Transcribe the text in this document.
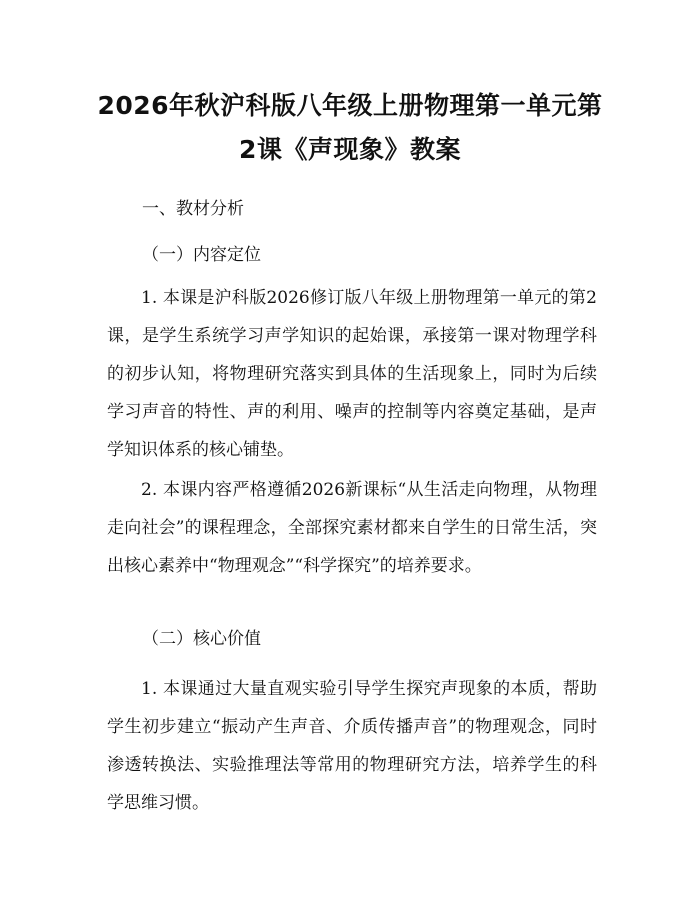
2026年秋沪科版八年级上册物理第一单元第
2课《声现象》教案
一、教材分析
（一）内容定位

1. 本课是沪科版2026修订版八年级上册物理第一单元的第2课，是学生系统学习声学知识的起始课，承接第一课对物理学科的初步认知，将物理研究落实到具体的生活现象上，同时为后续学习声音的特性、声的利用、噪声的控制等内容奠定基础，是声学知识体系的核心铺垫。

2. 本课内容严格遵循2026新课标“从生活走向物理，从物理走向社会”的课程理念，全部探究素材都来自学生的日常生活，突出核心素养中“物理观念”“科学探究”的培养要求。

（二）核心价值

1. 本课通过大量直观实验引导学生探究声现象的本质，帮助学生初步建立“振动产生声音、介质传播声音”的物理观念，同时渗透转换法、实验推理法等常用的物理研究方法，培养学生的科学思维习惯。
